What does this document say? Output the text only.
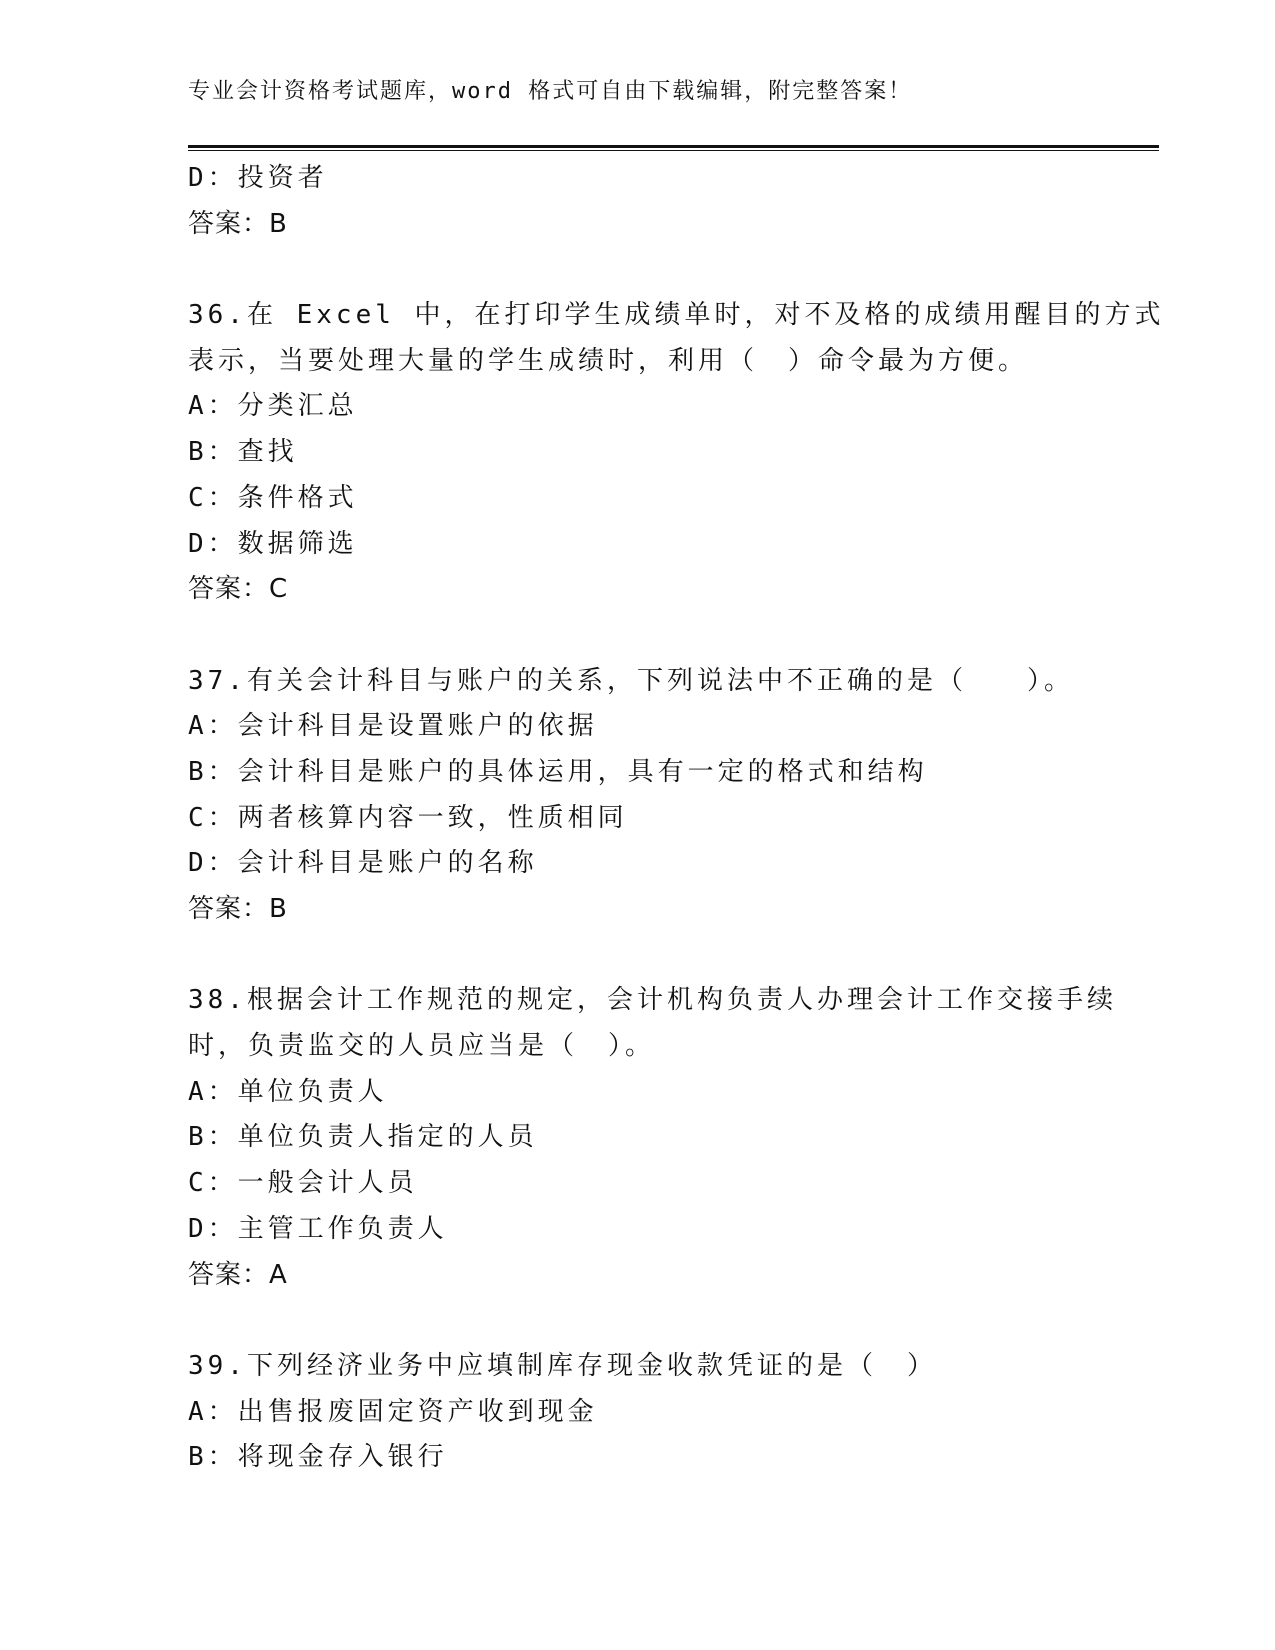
专业会计资格考试题库，word 格式可自由下载编辑，附完整答案！
D：投资者
答案：B
36.在 Excel 中，在打印学生成绩单时，对不及格的成绩用醒目的方式
表示，当要处理大量的学生成绩时，利用（　）命令最为方便。
A：分类汇总
B：查找
C：条件格式
D：数据筛选
答案：C
37.有关会计科目与账户的关系，下列说法中不正确的是（　　）。
A：会计科目是设置账户的依据
B：会计科目是账户的具体运用，具有一定的格式和结构
C：两者核算内容一致，性质相同
D：会计科目是账户的名称
答案：B
38.根据会计工作规范的规定，会计机构负责人办理会计工作交接手续
时，负责监交的人员应当是（　）。
A：单位负责人
B：单位负责人指定的人员
C：一般会计人员
D：主管工作负责人
答案：A
39.下列经济业务中应填制库存现金收款凭证的是（　）
A：出售报废固定资产收到现金
B：将现金存入银行
